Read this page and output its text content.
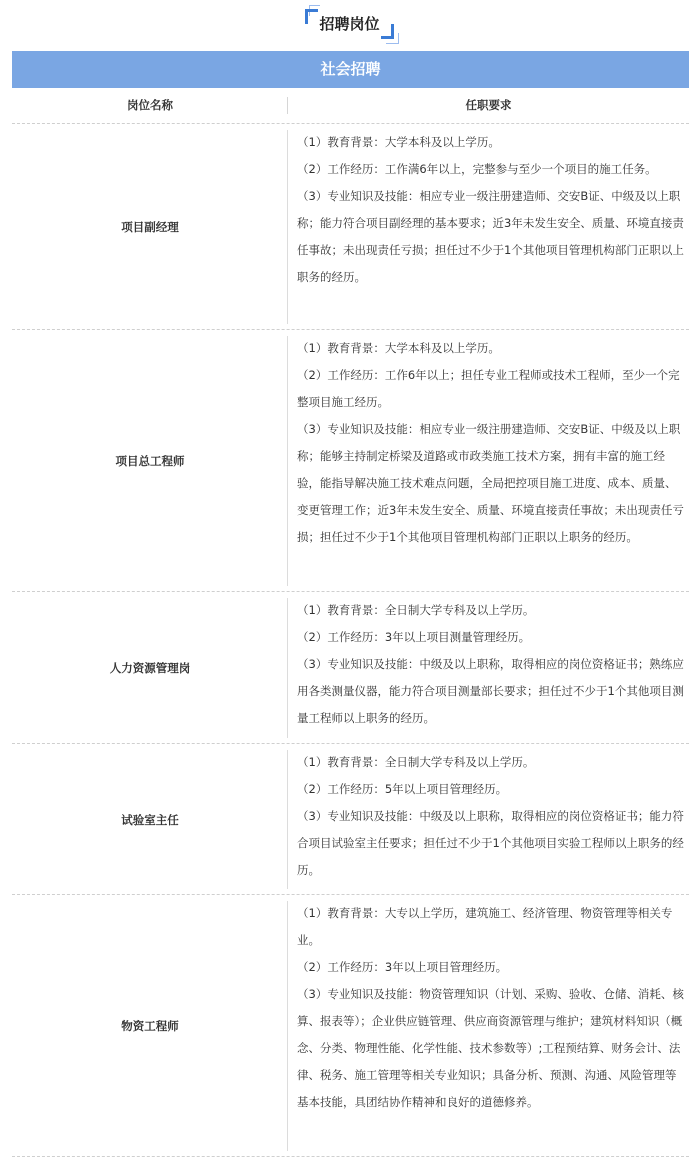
招聘岗位
社会招聘
岗位名称	任职要求
项目副经理

（1）教育背景：大学本科及以上学历。

（2）工作经历：工作满6年以上，完整参与至少一个项目的施工任务。

（3）专业知识及技能：相应专业一级注册建造师、交安B证、中级及以上职称；能力符合项目副经理的基本要求；近3年未发生安全、质量、环境直接责任事故；未出现责任亏损；担任过不少于1个其他项目管理机构部门正职以上职务的经历。

项目总工程师

（1）教育背景：大学本科及以上学历。

（2）工作经历：工作6年以上；担任专业工程师或技术工程师，至少一个完整项目施工经历。

（3）专业知识及技能：相应专业一级注册建造师、交安B证、中级及以上职称；能够主持制定桥梁及道路或市政类施工技术方案，拥有丰富的施工经验，能指导解决施工技术难点问题，全局把控项目施工进度、成本、质量、变更管理工作；近3年未发生安全、质量、环境直接责任事故；未出现责任亏损；担任过不少于1个其他项目管理机构部门正职以上职务的经历。

人力资源管理岗

（1）教育背景：全日制大学专科及以上学历。

（2）工作经历：3年以上项目测量管理经历。

（3）专业知识及技能：中级及以上职称，取得相应的岗位资格证书；熟练应用各类测量仪器，能力符合项目测量部长要求；担任过不少于1个其他项目测量工程师以上职务的经历。

试验室主任

（1）教育背景：全日制大学专科及以上学历。

（2）工作经历：5年以上项目管理经历。

（3）专业知识及技能：中级及以上职称，取得相应的岗位资格证书；能力符合项目试验室主任要求；担任过不少于1个其他项目实验工程师以上职务的经历。

物资工程师

（1）教育背景：大专以上学历，建筑施工、经济管理、物资管理等相关专业。

（2）工作经历：3年以上项目管理经历。

（3）专业知识及技能：物资管理知识（计划、采购、验收、仓储、消耗、核算、报表等）；企业供应链管理、供应商资源管理与维护；建筑材料知识（概念、分类、物理性能、化学性能、技术参数等）;工程预结算、财务会计、法律、税务、施工管理等相关专业知识；具备分析、预测、沟通、风险管理等基本技能，具团结协作精神和良好的道德修养。
